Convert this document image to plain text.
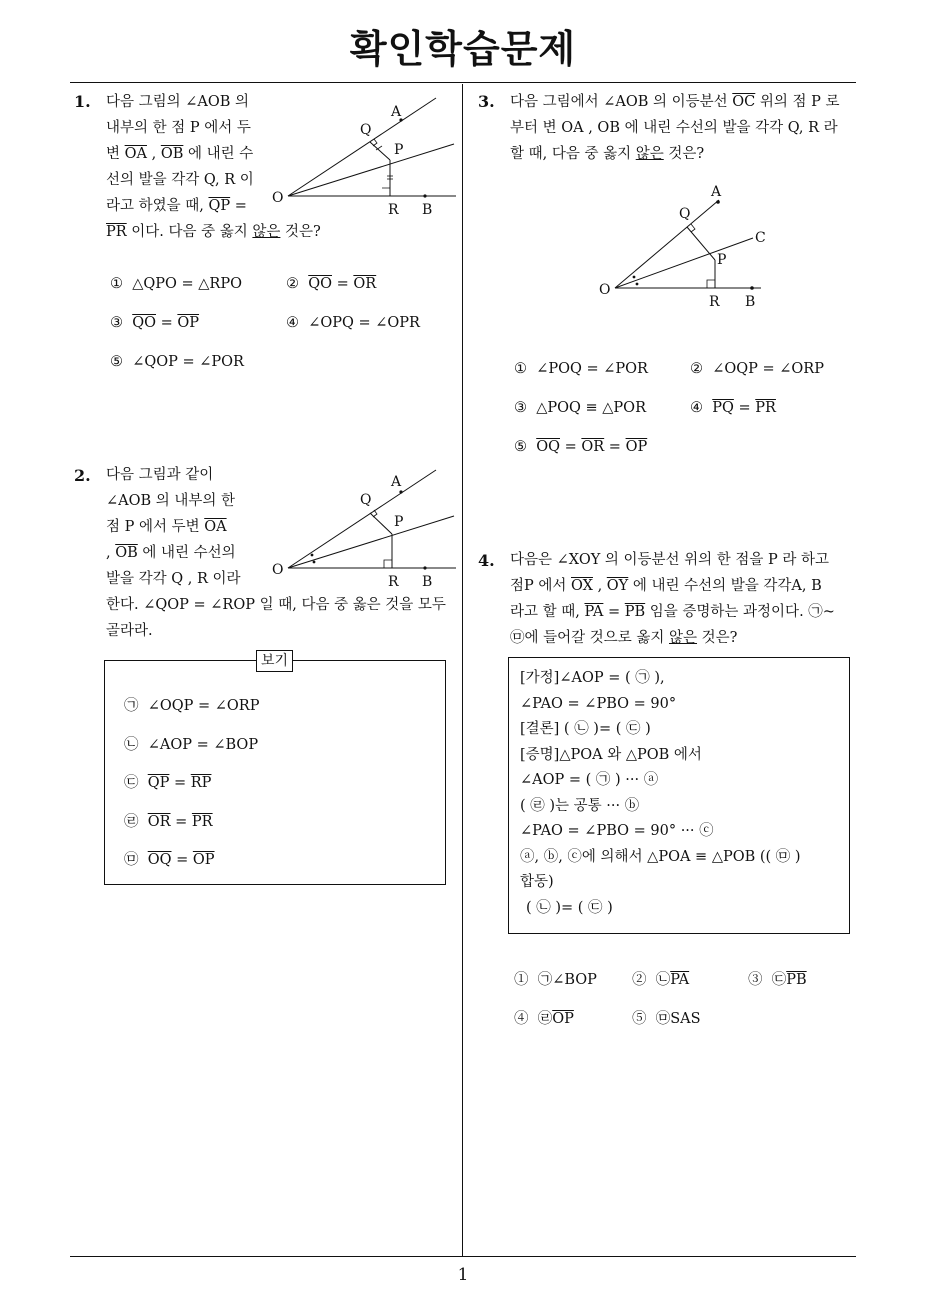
확인학습문제
1
1. 다음 그림의 ∠AOB 의
내부의 한 점 P 에서 두
변 $\overline{OA}$ , $\overline{OB}$ 에 내린 수
선의 발을 각각 Q, R 이
라고 하였을 때, $\overline{QP}$ =
$\overline{PR}$ 이다. 다음 중 옳지 않은 것은?
O
A
Q
P
R B
① △QPO = △RPO	② $\overline{QO} = \overline{OR}$
③ $\overline{QO} = \overline{OP}$	④ ∠OPQ = ∠OPR
⑤ ∠QOP = ∠POR
2. 다음 그림과 같이
∠AOB 의 내부의 한
점 P 에서 두변 $\overline{OA}$
, $\overline{OB}$ 에 내린 수선의
발을 각각 Q , R 이라
한다. ∠QOP = ∠ROP 일 때, 다음 중 옳은 것을 모두
골라라.
O
A
Q
P
R B
보기
㉠ ∠OQP = ∠ORP
㉡ ∠AOP = ∠BOP
㉢ $\overline{QP} = \overline{RP}$
㉣ $\overline{OR} = \overline{PR}$
㉤ $\overline{OQ} = \overline{OP}$
3. 다음 그림에서 ∠AOB 의 이등분선 $\overline{OC}$ 위의 점 P 로
부터 변 OA , OB 에 내린 수선의 발을 각각 Q, R 라
할 때, 다음 중 옳지 않은 것은?
O
A
Q
C
P
R B
① ∠POQ = ∠POR	② ∠OQP = ∠ORP
③ △POQ ≡ △POR	④ $\overline{PQ} = \overline{PR}$
⑤ $\overline{OQ} = \overline{OR} = \overline{OP}$
4. 다음은 ∠XOY 의 이등분선 위의 한 점을 P 라 하고
점P 에서 $\overline{OX}$ , $\overline{OY}$ 에 내린 수선의 발을 각각A, B
라고 할 때, $\overline{PA} = \overline{PB}$ 임을 증명하는 과정이다. ㉠~
㉤에 들어갈 것으로 옳지 않은 것은?
[가정]∠AOP = ( ㉠ ),
∠PAO = ∠PBO = 90°
[결론] ( ㉡ )= ( ㉢ )
[증명]△POA 와 △POB 에서
∠AOP = ( ㉠ ) ··· ⓐ
( ㉣ )는 공통 ··· ⓑ
∠PAO = ∠PBO = 90° ··· ⓒ
ⓐ, ⓑ, ⓒ에 의해서 △POA ≡ △POB (( ㉤ )
합동)
( ㉡ )= ( ㉢ )
① ㉠∠BOP ② $㉡\overline{PA}$	③ $㉢\overline{PB}$
④ $㉣\overline{OP}$	⑤ ㉤SAS
